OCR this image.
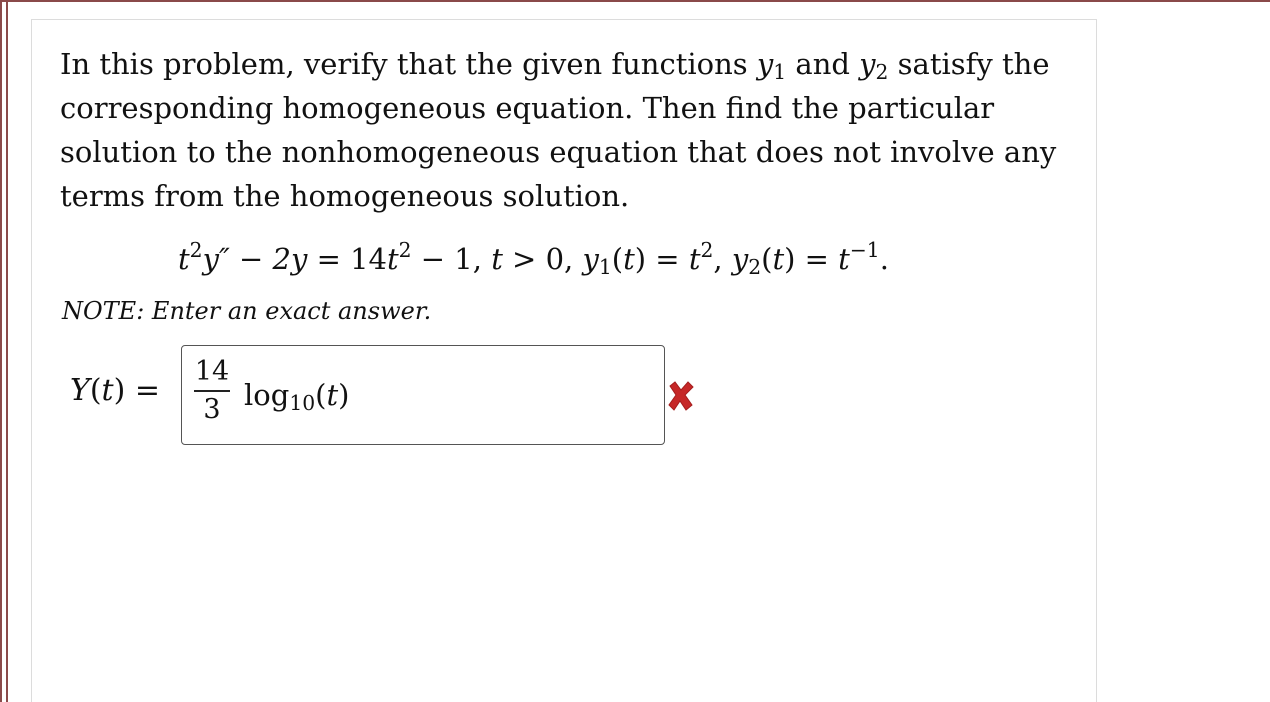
In this problem, verify that the given functions $y_1$ and $y_2$ satisfy the corresponding homogeneous equation. Then find the particular solution to the nonhomogeneous equation that does not involve any terms from the homogeneous solution.
$t^2y'' - 2y = 14t^2 - 1$, t > 0, $y_1(t) = t^2$, $y_2(t) = t^{-1}$.
NOTE: Enter an exact answer.
Y(t) =
14
3 $\log_{10}(t)$
